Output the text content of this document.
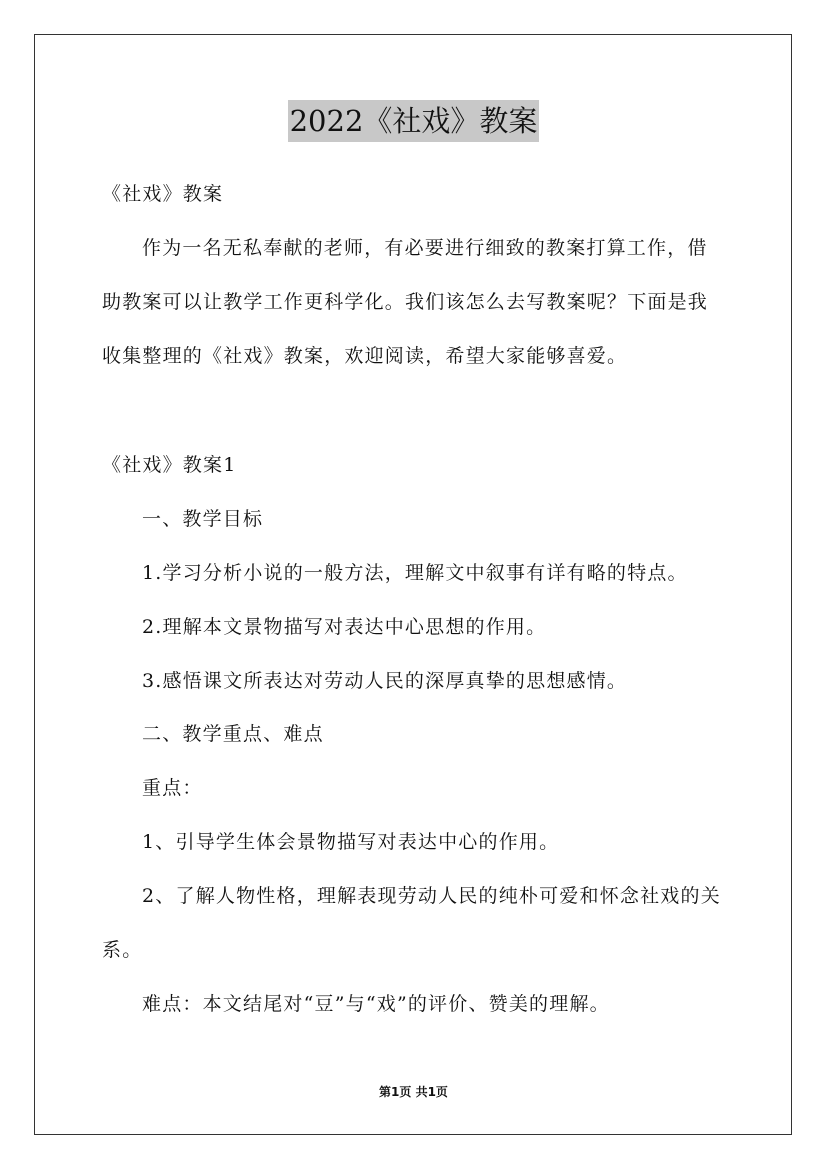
2022《社戏》教案
《社戏》教案
作为一名无私奉献的老师，有必要进行细致的教案打算工作，借
助教案可以让教学工作更科学化。我们该怎么去写教案呢？下面是我
收集整理的《社戏》教案，欢迎阅读，希望大家能够喜爱。
《社戏》教案1
一、教学目标
1.学习分析小说的一般方法，理解文中叙事有详有略的特点。
2.理解本文景物描写对表达中心思想的作用。
3.感悟课文所表达对劳动人民的深厚真挚的思想感情。
二、教学重点、难点
重点：
1、引导学生体会景物描写对表达中心的作用。
2、了解人物性格，理解表现劳动人民的纯朴可爱和怀念社戏的关
系。
难点：本文结尾对“豆”与“戏”的评价、赞美的理解。
第1页 共1页
